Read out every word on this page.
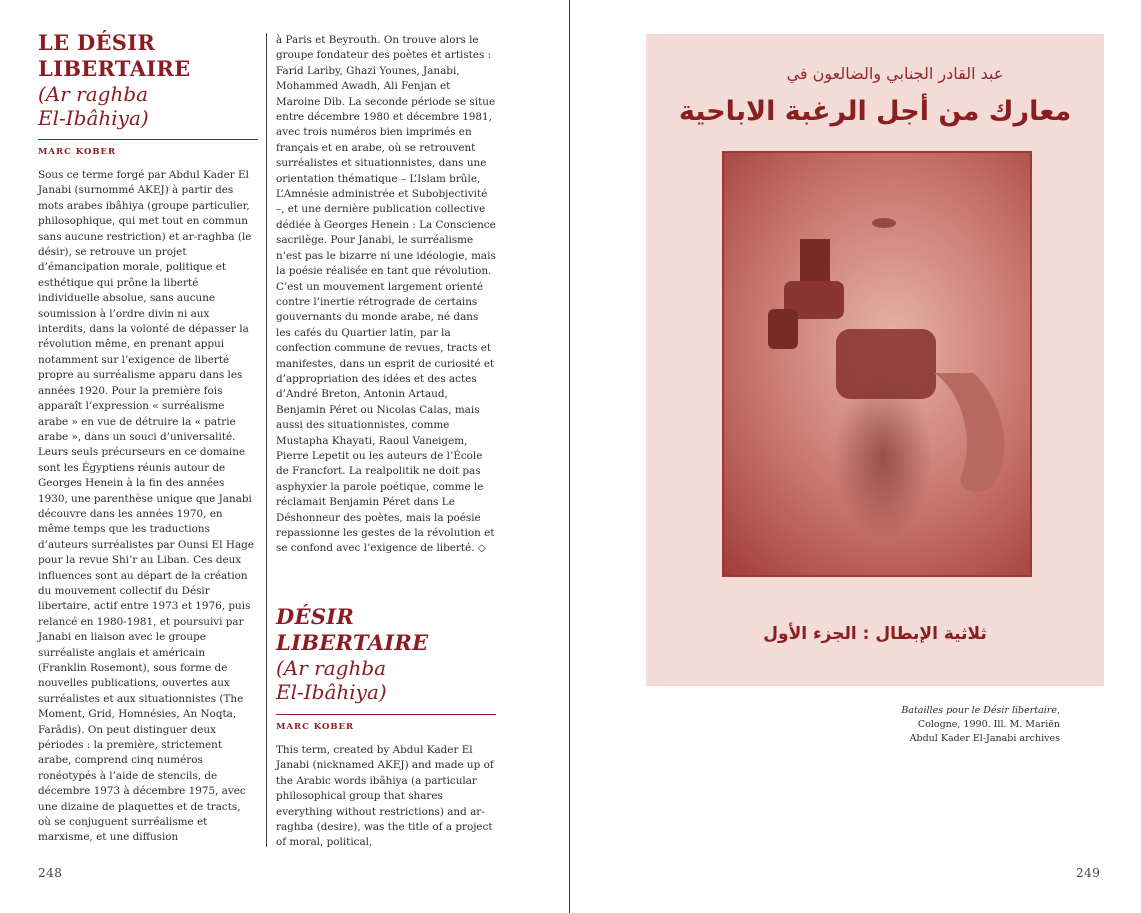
LE DÉSIR
LIBERTAIRE
(Ar raghba
El-Ibâhiya)
MARC KOBER

Sous ce terme forgé par Abdul Kader El Janabi (surnommé AKEJ) à partir des mots arabes ibâhiya (groupe particulier, philosophique, qui met tout en commun sans aucune restriction) et ar-raghba (le désir), se retrouve un projet d’émancipation morale, politique et esthétique qui prône la liberté individuelle absolue, sans aucune soumission à l’ordre divin ni aux interdits, dans la volonté de dépasser la révolution même, en prenant appui notamment sur l’exigence de liberté propre au surréalisme apparu dans les années 1920. Pour la première fois apparaît l’expression « surréalisme arabe » en vue de détruire la « patrie arabe », dans un souci d’universalité. Leurs seuls précurseurs en ce domaine sont les Égyptiens réunis autour de Georges Henein à la fin des années 1930, une parenthèse unique que Janabi découvre dans les années 1970, en même temps que les traductions d’auteurs surréalistes par Ounsi El Hage pour la revue Shi’r au Liban. Ces deux influences sont au départ de la création du mouvement collectif du Désir libertaire, actif entre 1973 et 1976, puis relancé en 1980-1981, et poursuivi par Janabi en liaison avec le groupe surréaliste anglais et américain (Franklin Rosemont), sous forme de nouvelles publications, ouvertes aux surréalistes et aux situationnistes (The Moment, Grid, Homnésies, An Noqta, Farâdis). On peut distinguer deux périodes : la première, strictement arabe, comprend cinq numéros ronéotypés à l’aide de stencils, de décembre 1973 à décembre 1975, avec une dizaine de plaquettes et de tracts, où se conjuguent surréalisme et marxisme, et une diffusion

à Paris et Beyrouth. On trouve alors le groupe fondateur des poètes et artistes : Farid Lariby, Ghazi Younes, Janabi, Mohammed Awadh, Ali Fenjan et Maroine Dib. La seconde période se situe entre décembre 1980 et décembre 1981, avec trois numéros bien imprimés en français et en arabe, où se retrouvent surréalistes et situationnistes, dans une orientation thématique – L’Islam brûle, L’Amnésie administrée et Subobjectivité –, et une dernière publication collective dédiée à Georges Henein : La Conscience sacrilège. Pour Janabi, le surréalisme n’est pas le bizarre ni une idéologie, mais la poésie réalisée en tant que révolution. C’est un mouvement largement orienté contre l’inertie rétrograde de certains gouvernants du monde arabe, né dans les cafés du Quartier latin, par la confection commune de revues, tracts et manifestes, dans un esprit de curiosité et d’appropriation des idées et des actes d’André Breton, Antonin Artaud, Benjamin Péret ou Nicolas Calas, mais aussi des situationnistes, comme Mustapha Khayati, Raoul Vaneigem, Pierre Lepetit ou les auteurs de l’École de Francfort. La realpolitik ne doit pas asphyxier la parole poétique, comme le réclamait Benjamin Péret dans Le Déshonneur des poètes, mais la poésie repassionne les gestes de la révolution et se confond avec l’exigence de liberté. ◇

DÉSIR
LIBERTAIRE
(Ar raghba
El-Ibâhiya)
MARC KOBER

This term, created by Abdul Kader El Janabi (nicknamed AKEJ) and made up of the Arabic words ibâhiya (a particular philosophical group that shares everything without restrictions) and ar-raghba (desire), was the title of a project of moral, political,

248	249
عبد القادر الجنابي والضالعون في
معارك من أجل الرغبة الاباحية
ثلاثية الإبطال : الجزء الأول
Batailles pour le Désir libertaire,
Cologne, 1990. Ill. M. Mariën
Abdul Kader El-Janabi archives
